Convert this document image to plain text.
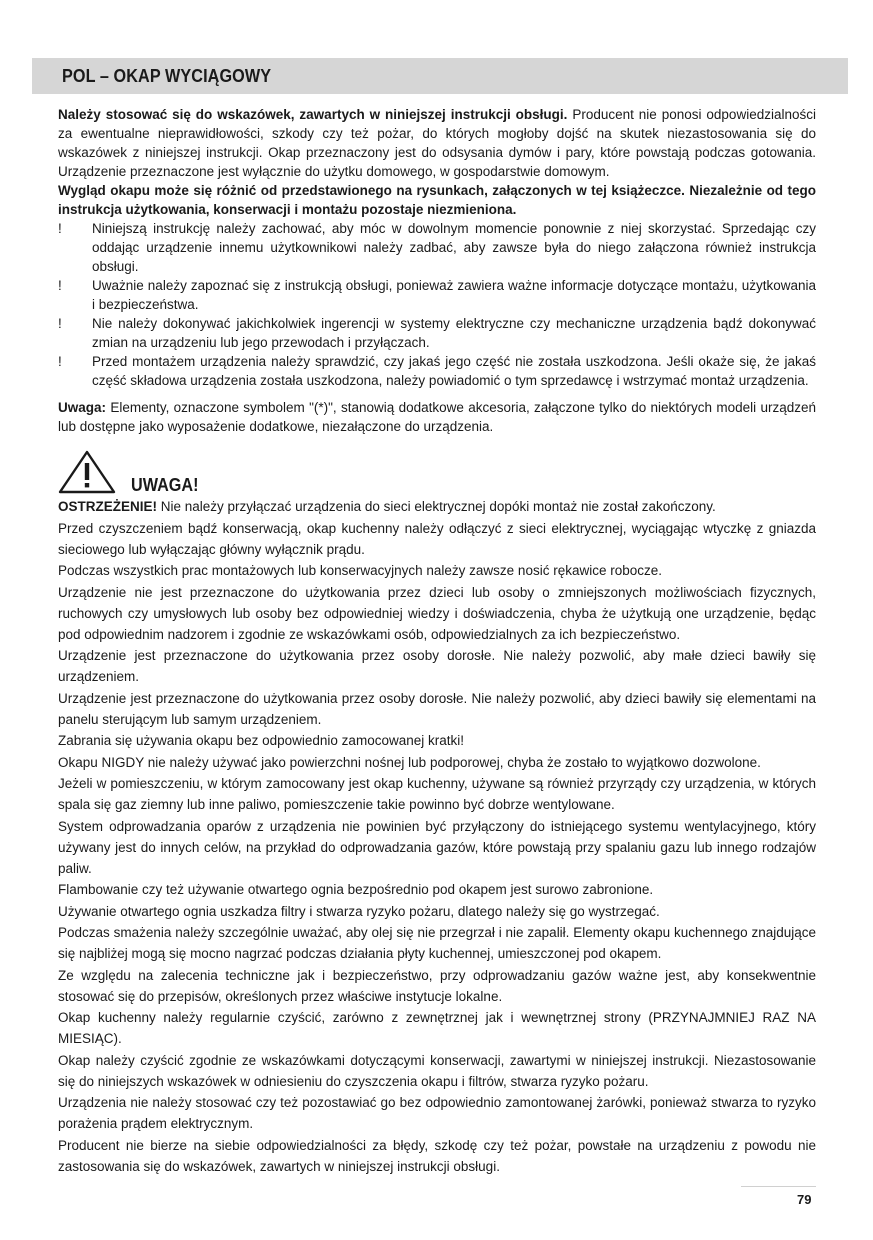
POL – OKAP WYCIĄGOWY

Należy stosować się do wskazówek, zawartych w niniejszej instrukcji obsługi. Producent nie ponosi odpowiedzialności za ewentualne nieprawidłowości, szkody czy też pożar, do których mogłoby dojść na skutek niezastosowania się do wskazówek z niniejszej instrukcji. Okap przeznaczony jest do odsysania dymów i pary, które powstają podczas gotowania. Urządzenie przeznaczone jest wyłącznie do użytku domowego, w gospodarstwie domowym.

Wygląd okapu może się różnić od przedstawionego na rysunkach, załączonych w tej książeczce. Niezależnie od tego instrukcja użytkowania, konserwacji i montażu pozostaje niezmieniona.

! Niniejszą instrukcję należy zachować, aby móc w dowolnym momencie ponownie z niej skorzystać. Sprzedając czy oddając urządzenie innemu użytkownikowi należy zadbać, aby zawsze była do niego załączona również instrukcja obsługi.
! Uważnie należy zapoznać się z instrukcją obsługi, ponieważ zawiera ważne informacje dotyczące montażu, użytkowania i bezpieczeństwa.
! Nie należy dokonywać jakichkolwiek ingerencji w systemy elektryczne czy mechaniczne urządzenia bądź dokonywać zmian na urządzeniu lub jego przewodach i przyłączach.
! Przed montażem urządzenia należy sprawdzić, czy jakaś jego część nie została uszkodzona. Jeśli okaże się, że jakaś część składowa urządzenia została uszkodzona, należy powiadomić o tym sprzedawcę i wstrzymać montaż urządzenia.

Uwaga: Elementy, oznaczone symbolem "(*)", stanowią dodatkowe akcesoria, załączone tylko do niektórych modeli urządzeń lub dostępne jako wyposażenie dodatkowe, niezałączone do urządzenia.

UWAGA!

OSTRZEŻENIE! Nie należy przyłączać urządzenia do sieci elektrycznej dopóki montaż nie został zakończony.

Przed czyszczeniem bądź konserwacją, okap kuchenny należy odłączyć z sieci elektrycznej, wyciągając wtyczkę z gniazda sieciowego lub wyłączając główny wyłącznik prądu.

Podczas wszystkich prac montażowych lub konserwacyjnych należy zawsze nosić rękawice robocze.

Urządzenie nie jest przeznaczone do użytkowania przez dzieci lub osoby o zmniejszonych możliwościach fizycznych, ruchowych czy umysłowych lub osoby bez odpowiedniej wiedzy i doświadczenia, chyba że użytkują one urządzenie, będąc pod odpowiednim nadzorem i zgodnie ze wskazówkami osób, odpowiedzialnych za ich bezpieczeństwo.

Urządzenie jest przeznaczone do użytkowania przez osoby dorosłe. Nie należy pozwolić, aby małe dzieci bawiły się urządzeniem.

Urządzenie jest przeznaczone do użytkowania przez osoby dorosłe. Nie należy pozwolić, aby dzieci bawiły się elementami na panelu sterującym lub samym urządzeniem.

Zabrania się używania okapu bez odpowiednio zamocowanej kratki!

Okapu NIGDY nie należy używać jako powierzchni nośnej lub podporowej, chyba że zostało to wyjątkowo dozwolone.

Jeżeli w pomieszczeniu, w którym zamocowany jest okap kuchenny, używane są również przyrządy czy urządzenia, w których spala się gaz ziemny lub inne paliwo, pomieszczenie takie powinno być dobrze wentylowane.

System odprowadzania oparów z urządzenia nie powinien być przyłączony do istniejącego systemu wentylacyjnego, który używany jest do innych celów, na przykład do odprowadzania gazów, które powstają przy spalaniu gazu lub innego rodzajów paliw.

Flambowanie czy też używanie otwartego ognia bezpośrednio pod okapem jest surowo zabronione.

Używanie otwartego ognia uszkadza filtry i stwarza ryzyko pożaru, dlatego należy się go wystrzegać.

Podczas smażenia należy szczególnie uważać, aby olej się nie przegrzał i nie zapalił. Elementy okapu kuchennego znajdujące się najbliżej mogą się mocno nagrzać podczas działania płyty kuchennej, umieszczonej pod okapem.

Ze względu na zalecenia techniczne jak i bezpieczeństwo, przy odprowadzaniu gazów ważne jest, aby konsekwentnie stosować się do przepisów, określonych przez właściwe instytucje lokalne.

Okap kuchenny należy regularnie czyścić, zarówno z zewnętrznej jak i wewnętrznej strony (PRZYNAJMNIEJ RAZ NA MIESIĄC).

Okap należy czyścić zgodnie ze wskazówkami dotyczącymi konserwacji, zawartymi w niniejszej instrukcji. Niezastosowanie się do niniejszych wskazówek w odniesieniu do czyszczenia okapu i filtrów, stwarza ryzyko pożaru.

Urządzenia nie należy stosować czy też pozostawiać go bez odpowiednio zamontowanej żarówki, ponieważ stwarza to ryzyko porażenia prądem elektrycznym.

Producent nie bierze na siebie odpowiedzialności za błędy, szkodę czy też pożar, powstałe na urządzeniu z powodu nie zastosowania się do wskazówek, zawartych w niniejszej instrukcji obsługi.

79
